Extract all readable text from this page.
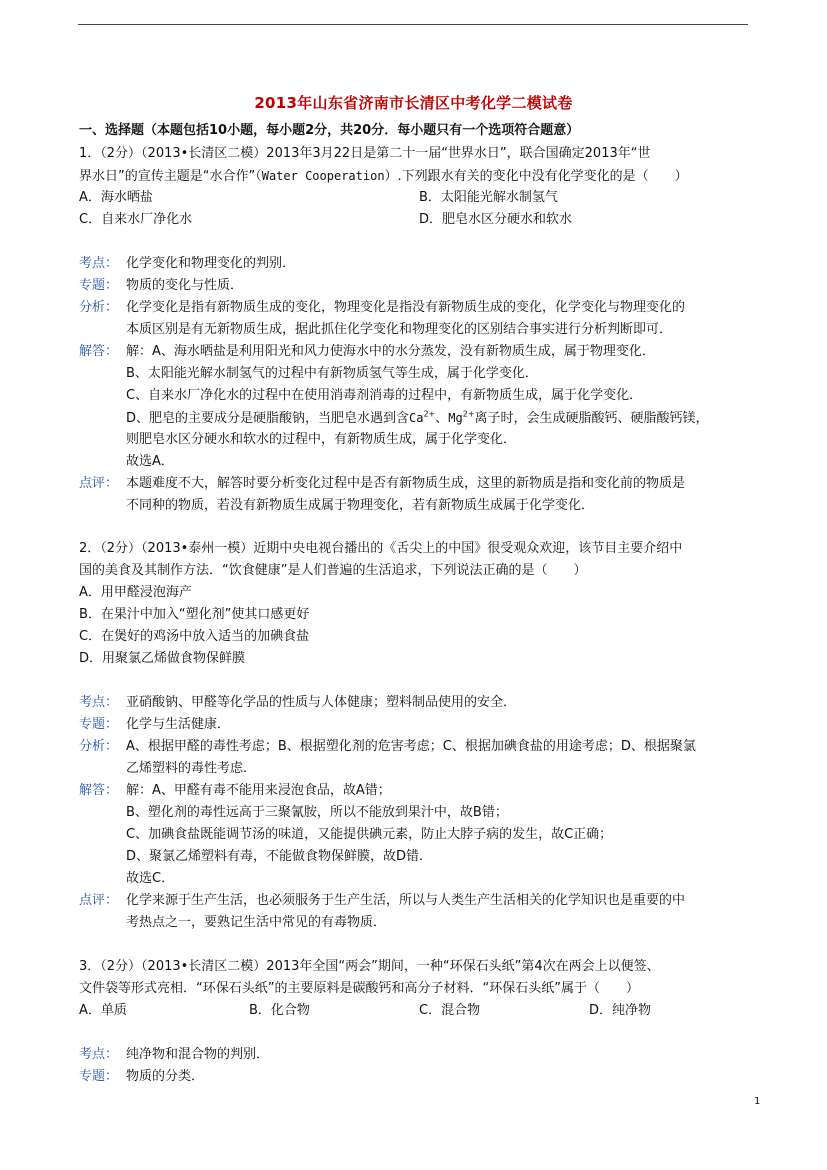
2013年山东省济南市长清区中考化学二模试卷
一、选择题（本题包括10小题，每小题2分，共20分．每小题只有一个选项符合题意）
1．（2分）（2013•长清区二模）2013年3月22日是第二十一届“世界水日”，联合国确定2013年“世
界水日”的宣传主题是“水合作”（Water Cooperation）.下列跟水有关的变化中没有化学变化的是（　　）
A．海水晒盐	B．太阳能光解水制氢气
C．自来水厂净化水	D．肥皂水区分硬水和软水
考点： 化学变化和物理变化的判别．
专题： 物质的变化与性质．
分析： 化学变化是指有新物质生成的变化，物理变化是指没有新物质生成的变化，化学变化与物理变化的
本质区别是有无新物质生成，据此抓住化学变化和物理变化的区别结合事实进行分析判断即可．
解答： 解：A、海水晒盐是利用阳光和风力使海水中的水分蒸发，没有新物质生成，属于物理变化．
B、太阳能光解水制氢气的过程中有新物质氢气等生成，属于化学变化．
C、自来水厂净化水的过程中在使用消毒剂消毒的过程中，有新物质生成，属于化学变化．
D、肥皂的主要成分是硬脂酸钠，当肥皂水遇到含$Ca^{2+}$、$Mg^{2+}$离子时，会生成硬脂酸钙、硬脂酸钙镁，
则肥皂水区分硬水和软水的过程中，有新物质生成，属于化学变化．
故选A．
点评： 本题难度不大，解答时要分析变化过程中是否有新物质生成，这里的新物质是指和变化前的物质是
不同种的物质，若没有新物质生成属于物理变化，若有新物质生成属于化学变化．
2．（2分）（2013•泰州一模）近期中央电视台播出的《舌尖上的中国》很受观众欢迎，该节目主要介绍中
国的美食及其制作方法．“饮食健康”是人们普遍的生活追求，下列说法正确的是（　　）
A．用甲醛浸泡海产
B．在果汁中加入“塑化剂”使其口感更好
C．在煲好的鸡汤中放入适当的加碘食盐
D．用聚氯乙烯做食物保鲜膜
考点： 亚硝酸钠、甲醛等化学品的性质与人体健康；塑料制品使用的安全．
专题： 化学与生活健康．
分析： A、根据甲醛的毒性考虑；B、根据塑化剂的危害考虑；C、根据加碘食盐的用途考虑；D、根据聚氯
乙烯塑料的毒性考虑．
解答： 解：A、甲醛有毒不能用来浸泡食品，故A错；
B、塑化剂的毒性远高于三聚氰胺，所以不能放到果汁中，故B错；
C、加碘食盐既能调节汤的味道，又能提供碘元素，防止大脖子病的发生，故C正确；
D、聚氯乙烯塑料有毒，不能做食物保鲜膜，故D错．
故选C．
点评： 化学来源于生产生活，也必须服务于生产生活，所以与人类生产生活相关的化学知识也是重要的中
考热点之一，要熟记生活中常见的有毒物质．
3．（2分）（2013•长清区二模）2013年全国“两会”期间，一种“环保石头纸”第4次在两会上以便签、
文件袋等形式亮相．“环保石头纸”的主要原料是碳酸钙和高分子材料．“环保石头纸”属于（　　）
A．单质	B．化合物	C．混合物	D．纯净物
考点： 纯净物和混合物的判别．
专题： 物质的分类．
1
